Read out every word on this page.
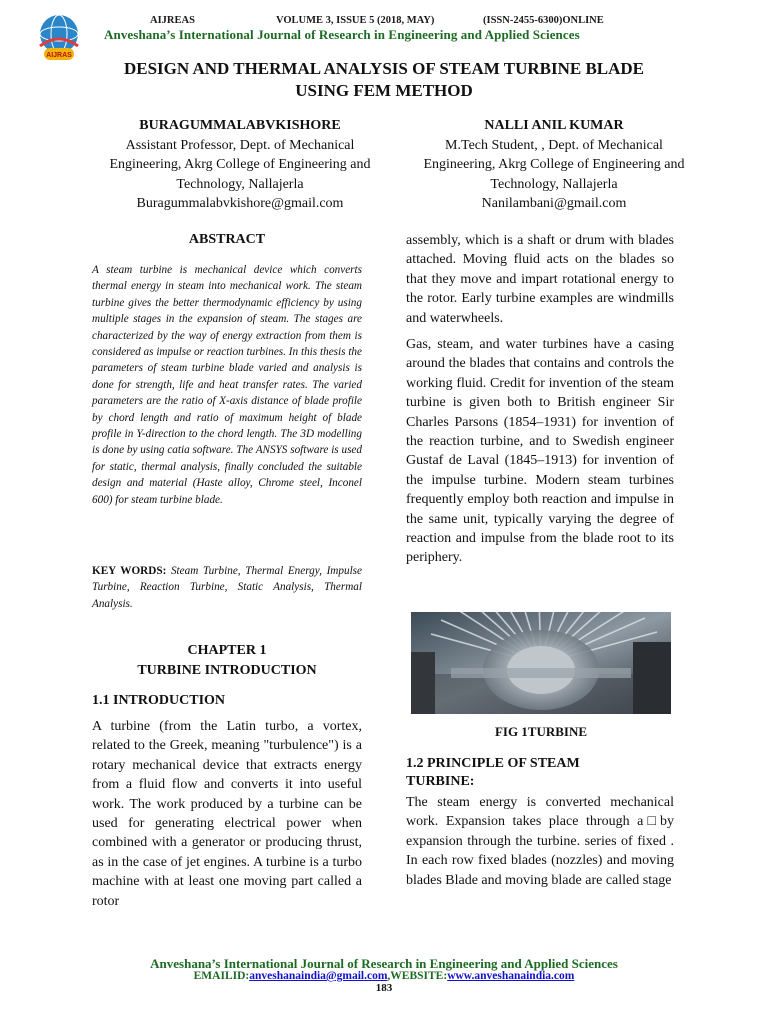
AIJRAS
AIJREAS	VOLUME 3, ISSUE 5 (2018, MAY)	(ISSN-2455-6300)ONLINE
Anveshana’s International Journal of Research in Engineering and Applied Sciences
DESIGN AND THERMAL ANALYSIS OF STEAM TURBINE BLADE
USING FEM METHOD
BURAGUMMALABVKISHORE
Assistant Professor, Dept. of Mechanical
Engineering, Akrg College of Engineering and
Technology, Nallajerla
Buragummalabvkishore@gmail.com
NALLI ANIL KUMAR
M.Tech Student, , Dept. of Mechanical
Engineering, Akrg College of Engineering and
Technology, Nallajerla
Nanilambani@gmail.com
ABSTRACT
A steam turbine is mechanical device which converts thermal energy in steam into mechanical work. The steam turbine gives the better thermodynamic efficiency by using multiple stages in the expansion of steam. The stages are characterized by the way of energy extraction from them is considered as impulse or reaction turbines. In this thesis the parameters of steam turbine blade varied and analysis is done for strength, life and heat transfer rates. The varied parameters are the ratio of X-axis distance of blade profile by chord length and ratio of maximum height of blade profile in Y-direction to the chord length. The 3D modelling is done by using catia software. The ANSYS software is used for static, thermal analysis, finally concluded the suitable design and material (Haste alloy, Chrome steel, Inconel 600) for steam turbine blade.
KEY WORDS: Steam Turbine, Thermal Energy, Impulse Turbine, Reaction Turbine, Static Analysis, Thermal Analysis.
CHAPTER 1
TURBINE INTRODUCTION
1.1 INTRODUCTION
A turbine (from the Latin turbo, a vortex, related to the Greek, meaning "turbulence") is a rotary mechanical device that extracts energy from a fluid flow and converts it into useful work. The work produced by a turbine can be used for generating electrical power when combined with a generator or producing thrust, as in the case of jet engines. A turbine is a turbo machine with at least one moving part called a rotor
assembly, which is a shaft or drum with blades attached. Moving fluid acts on the blades so that they move and impart rotational energy to the rotor. Early turbine examples are windmills and waterwheels.
Gas, steam, and water turbines have a casing around the blades that contains and controls the working fluid. Credit for invention of the steam turbine is given both to British engineer Sir Charles Parsons (1854–1931) for invention of the reaction turbine, and to Swedish engineer Gustaf de Laval (1845–1913) for invention of the impulse turbine. Modern steam turbines frequently employ both reaction and impulse in the same unit, typically varying the degree of reaction and impulse from the blade root to its periphery.
FIG 1TURBINE
1.2 PRINCIPLE OF STEAM
TURBINE:
The steam energy is converted mechanical work. Expansion takes place through a□by expansion through the turbine. series of fixed . In each row fixed blades (nozzles) and moving blades Blade and moving blade are called stage
Anveshana’s International Journal of Research in Engineering and Applied Sciences
EMAILID:anveshanaindia@gmail.com,WEBSITE:www.anveshanaindia.com
183
